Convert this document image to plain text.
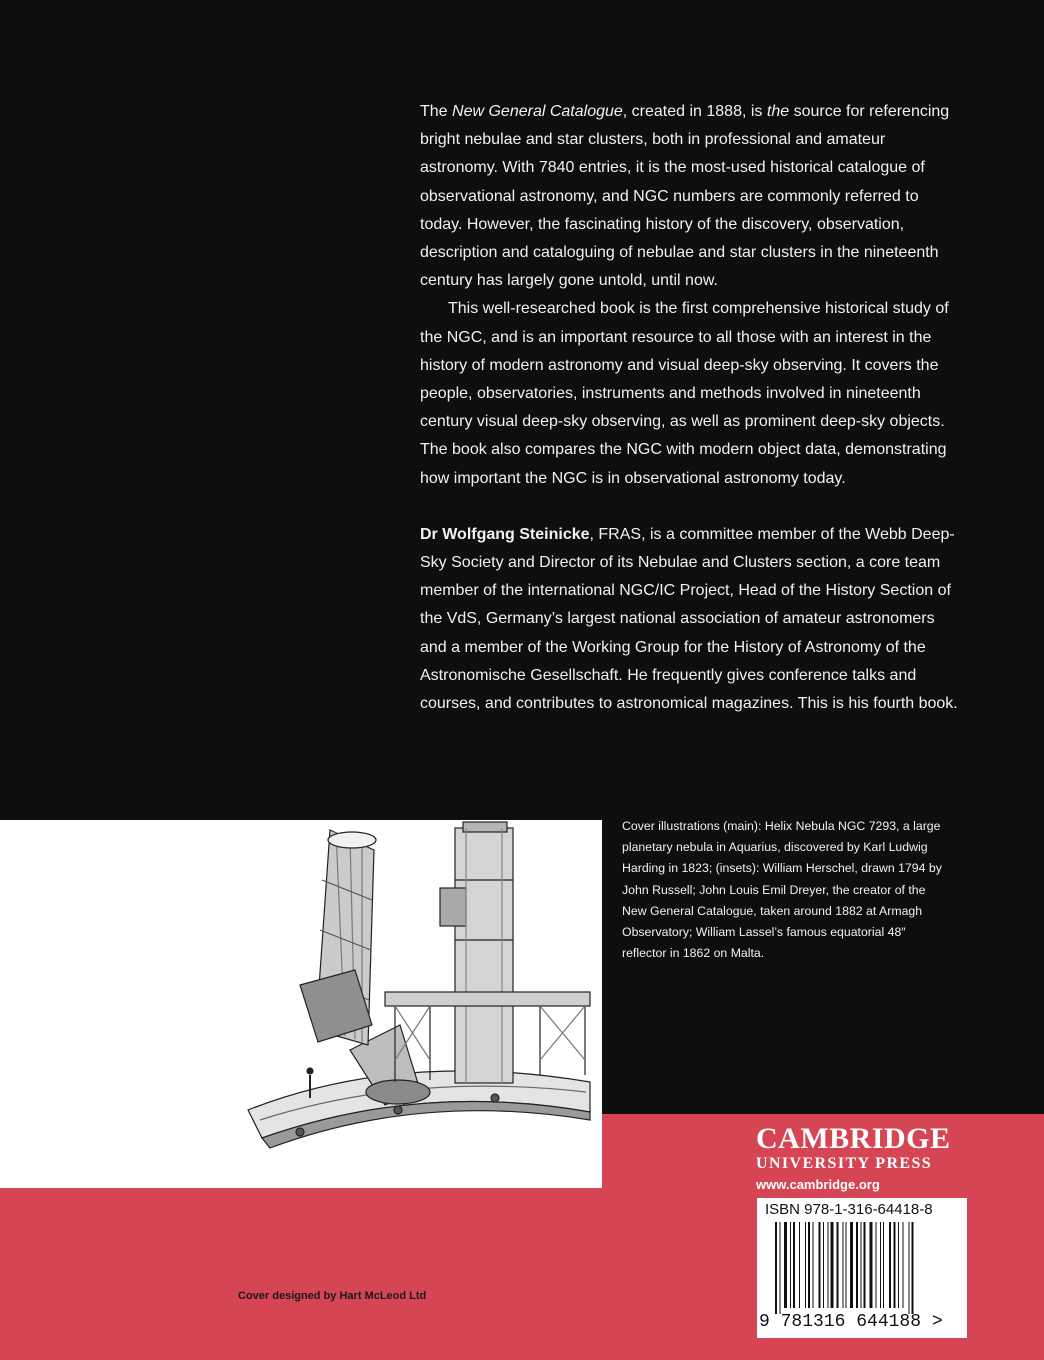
The New General Catalogue, created in 1888, is the source for referencing bright nebulae and star clusters, both in professional and amateur astronomy. With 7840 entries, it is the most-used historical catalogue of observational astronomy, and NGC numbers are commonly referred to today. However, the fascinating history of the discovery, observation, description and cataloguing of nebulae and star clusters in the nineteenth century has largely gone untold, until now.

This well-researched book is the first comprehensive historical study of the NGC, and is an important resource to all those with an interest in the history of modern astronomy and visual deep-sky observing. It covers the people, observatories, instruments and methods involved in nineteenth century visual deep-sky observing, as well as prominent deep-sky objects. The book also compares the NGC with modern object data, demonstrating how important the NGC is in observational astronomy today.

Dr Wolfgang Steinicke, FRAS, is a committee member of the Webb Deep-Sky Society and Director of its Nebulae and Clusters section, a core team member of the international NGC/IC Project, Head of the History Section of the VdS, Germany’s largest national association of amateur astronomers and a member of the Working Group for the History of Astronomy of the Astronomische Gesellschaft. He frequently gives conference talks and courses, and contributes to astronomical magazines. This is his fourth book.

Cover illustrations (main): Helix Nebula NGC 7293, a large planetary nebula in Aquarius, discovered by Karl Ludwig Harding in 1823; (insets): William Herschel, drawn 1794 by John Russell; John Louis Emil Dreyer, the creator of the New General Catalogue, taken around 1882 at Armagh Observatory; William Lassel’s famous equatorial 48″ reflector in 1862 on Malta.
CAMBRIDGE
UNIVERSITY PRESS
www.cambridge.org
ISBN 978-1-316-64418-8
9 781316 644188 >
Cover designed by Hart McLeod Ltd
